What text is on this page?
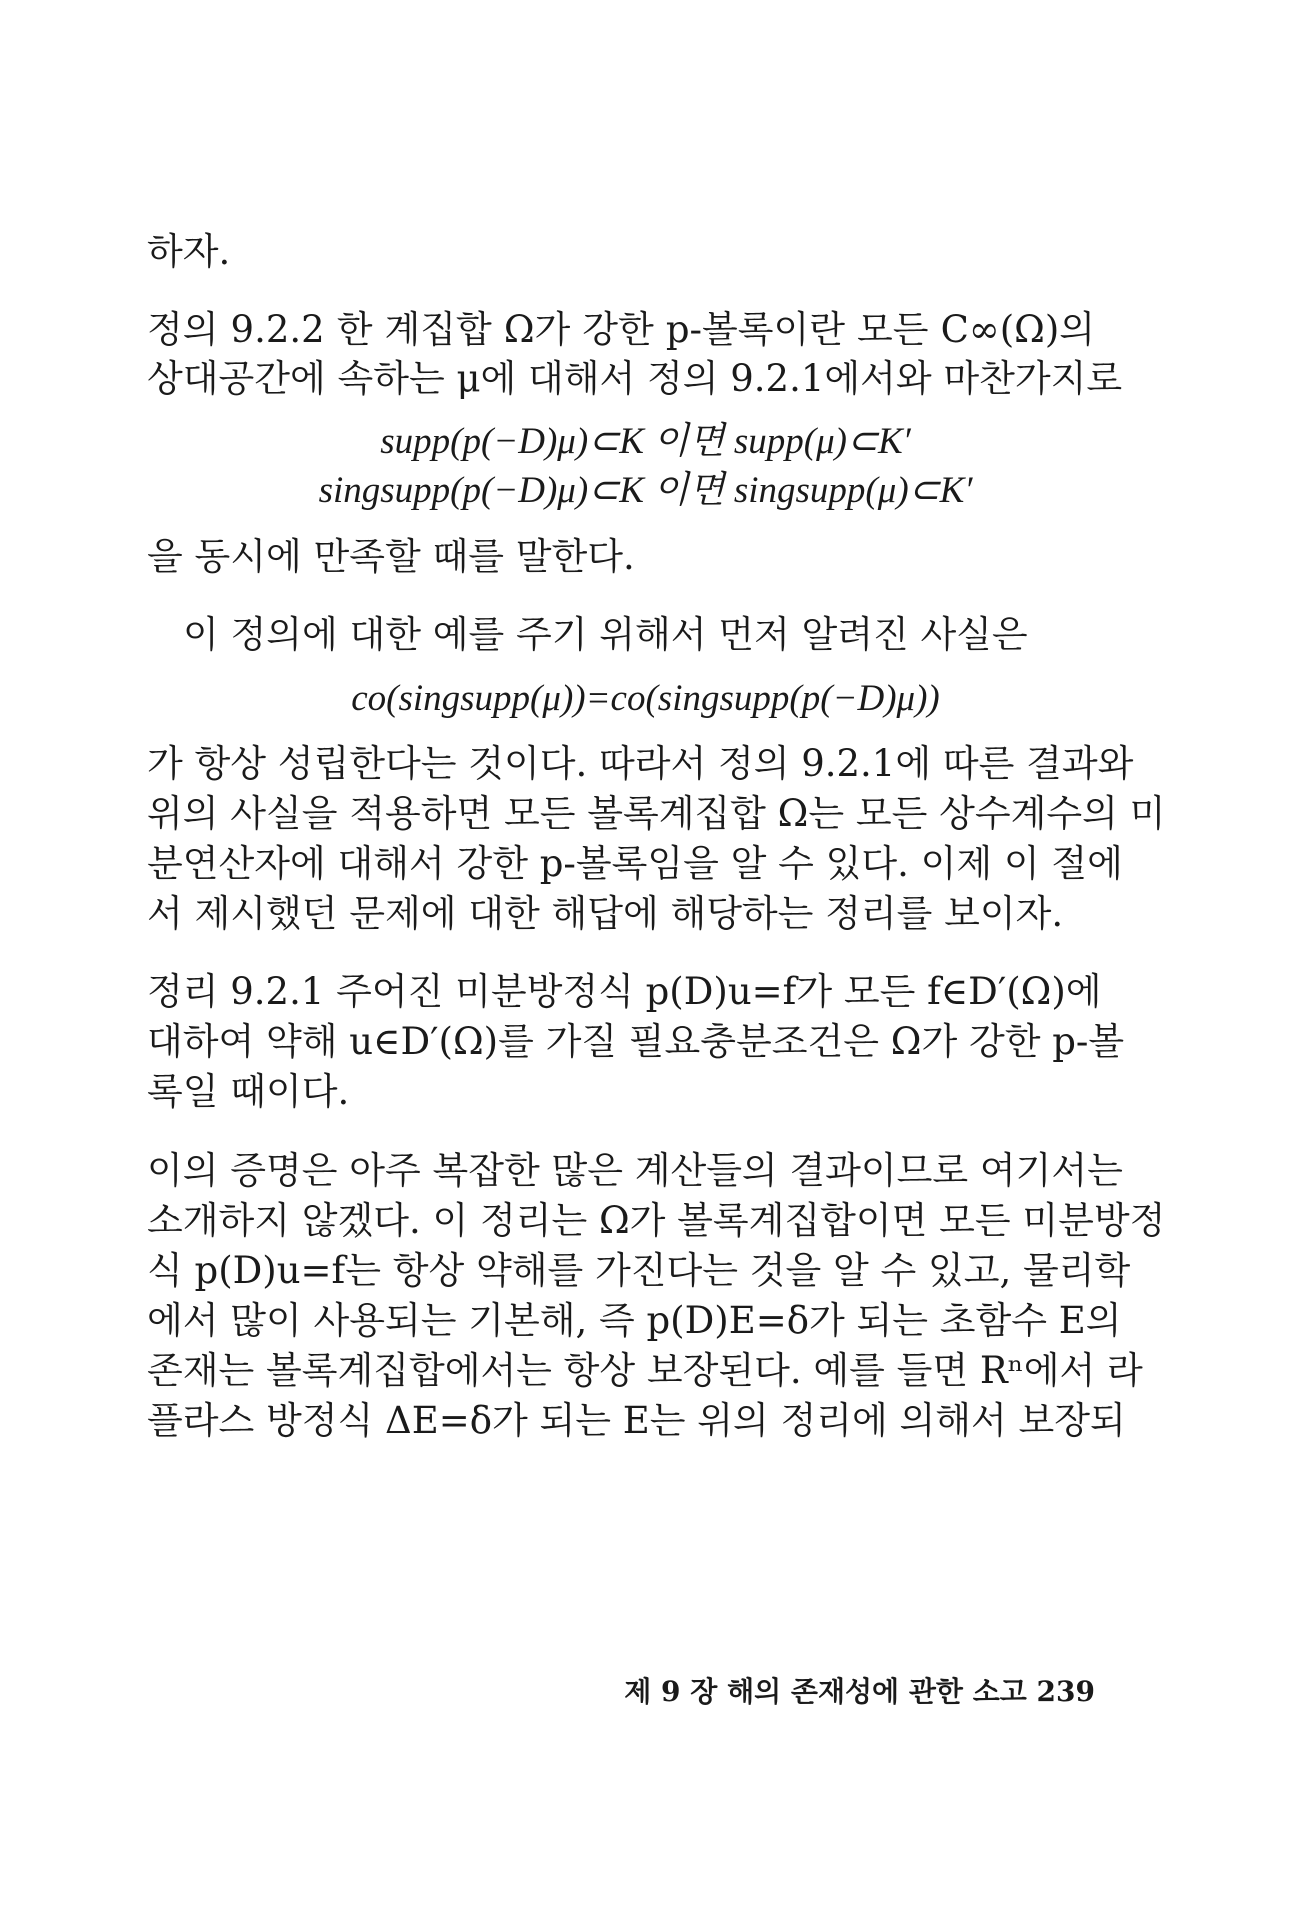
하자.
정의 9.2.2 한 계집합 Ω가 강한 p-볼록이란 모든 C∞(Ω)의
상대공간에 속하는 μ에 대해서 정의 9.2.1에서와 마찬가지로
supp(p(−D)μ)⊂K 이면 supp(μ)⊂K′
singsupp(p(−D)μ)⊂K 이면 singsupp(μ)⊂K′
을 동시에 만족할 때를 말한다.
이 정의에 대한 예를 주기 위해서 먼저 알려진 사실은
co(singsupp(μ))=co(singsupp(p(−D)μ))
가 항상 성립한다는 것이다. 따라서 정의 9.2.1에 따른 결과와
위의 사실을 적용하면 모든 볼록계집합 Ω는 모든 상수계수의 미
분연산자에 대해서 강한 p-볼록임을 알 수 있다. 이제 이 절에
서 제시했던 문제에 대한 해답에 해당하는 정리를 보이자.
정리 9.2.1 주어진 미분방정식 p(D)u=f가 모든 f∈D′(Ω)에
대하여 약해 u∈D′(Ω)를 가질 필요충분조건은 Ω가 강한 p-볼
록일 때이다.
이의 증명은 아주 복잡한 많은 계산들의 결과이므로 여기서는
소개하지 않겠다. 이 정리는 Ω가 볼록계집합이면 모든 미분방정
식 p(D)u=f는 항상 약해를 가진다는 것을 알 수 있고, 물리학
에서 많이 사용되는 기본해, 즉 p(D)E=δ가 되는 초함수 E의
존재는 볼록계집합에서는 항상 보장된다. 예를 들면 Rⁿ에서 라
플라스 방정식 ΔE=δ가 되는 E는 위의 정리에 의해서 보장되
제 9 장 해의 존재성에 관한 소고 239
